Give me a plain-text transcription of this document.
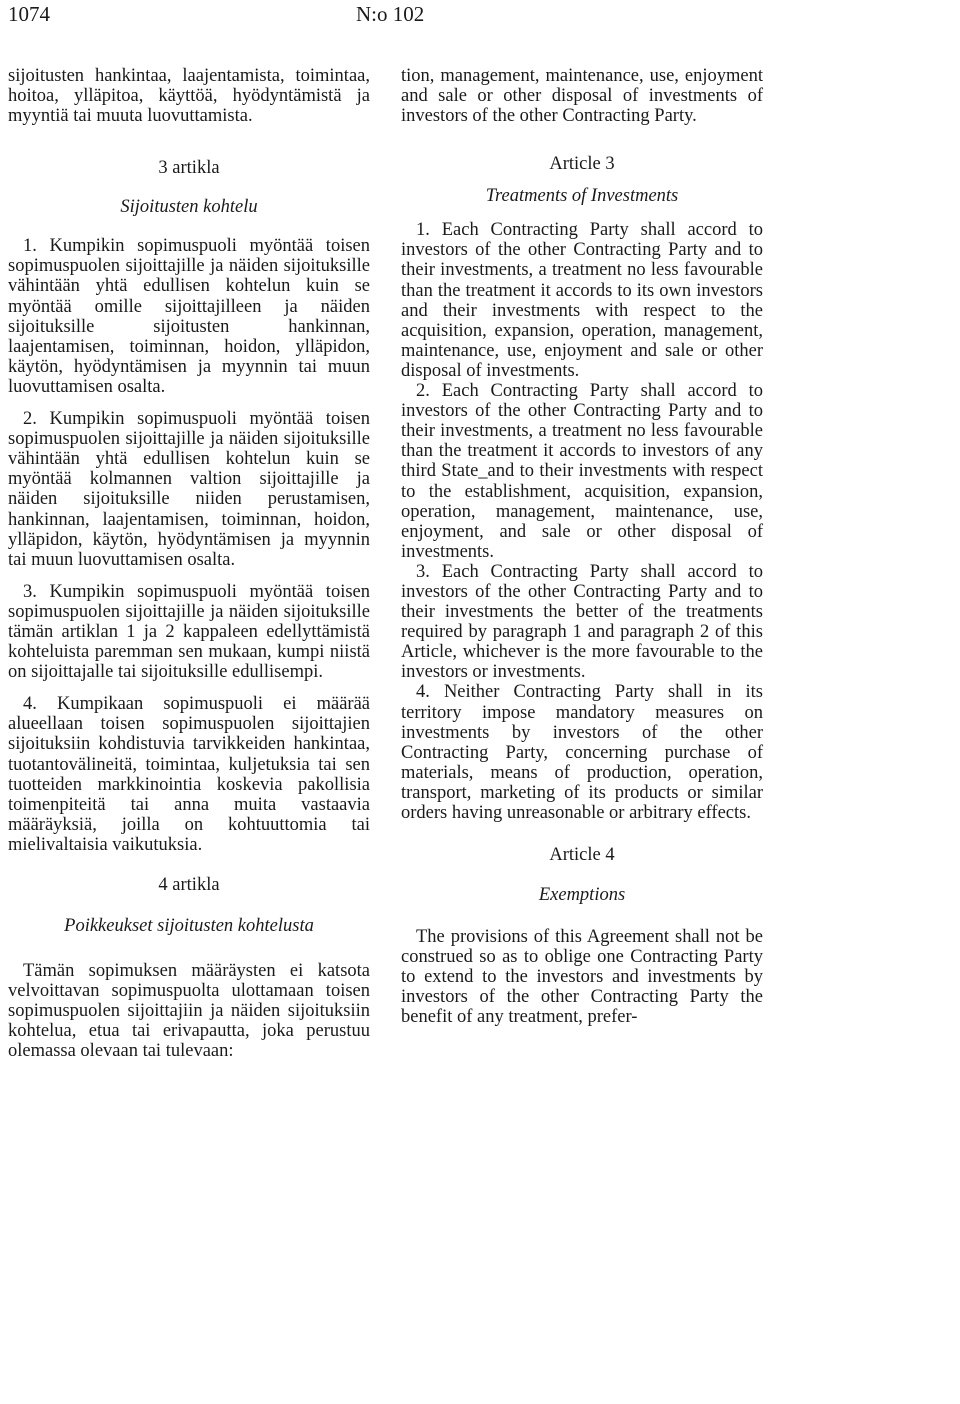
1074	N:o 102

sijoitusten hankintaa, laajentamista, toimintaa, hoitoa, ylläpitoa, käyttöä, hyödyntämistä ja myyntiä tai muuta luovuttamista.

3 artikla

Sijoitusten kohtelu

1. Kumpikin sopimuspuoli myöntää toisen sopimuspuolen sijoittajille ja näiden sijoituksille vähintään yhtä edullisen kohtelun kuin se myöntää omille sijoittajilleen ja näiden sijoituksille sijoitusten hankinnan, laajentamisen, toiminnan, hoidon, ylläpidon, käytön, hyödyntämisen ja myynnin tai muun luovuttamisen osalta.

2. Kumpikin sopimuspuoli myöntää toisen sopimuspuolen sijoittajille ja näiden sijoituksille vähintään yhtä edullisen kohtelun kuin se myöntää kolmannen valtion sijoittajille ja näiden sijoituksille niiden perustamisen, hankinnan, laajentamisen, toiminnan, hoidon, ylläpidon, käytön, hyödyntämisen ja myynnin tai muun luovuttamisen osalta.

3. Kumpikin sopimuspuoli myöntää toisen sopimuspuolen sijoittajille ja näiden sijoituksille tämän artiklan 1 ja 2 kappaleen edellyttämistä kohteluista paremman sen mukaan, kumpi niistä on sijoittajalle tai sijoituksille edullisempi.

4. Kumpikaan sopimuspuoli ei määrää alueellaan toisen sopimuspuolen sijoittajien sijoituksiin kohdistuvia tarvikkeiden hankintaa, tuotantovälineitä, toimintaa, kuljetuksia tai sen tuotteiden markkinointia koskevia pakollisia toimenpiteitä tai anna muita vastaavia määräyksiä, joilla on kohtuuttomia tai mielivaltaisia vaikutuksia.

4 artikla

Poikkeukset sijoitusten kohtelusta

Tämän sopimuksen määräysten ei katsota velvoittavan sopimuspuolta ulottamaan toisen sopimuspuolen sijoittajiin ja näiden sijoituksiin kohtelua, etua tai erivapautta, joka perustuu olemassa olevaan tai tulevaan:

tion, management, maintenance, use, enjoyment and sale or other disposal of investments of investors of the other Contracting Party.

Article 3

Treatments of Investments

1. Each Contracting Party shall accord to investors of the other Contracting Party and to their investments, a treatment no less favourable than the treatment it accords to its own investors and their investments with respect to the acquisition, expansion, operation, management, maintenance, use, enjoyment and sale or other disposal of investments.

2. Each Contracting Party shall accord to investors of the other Contracting Party and to their investments, a treatment no less favourable than the treatment it accords to investors of any third State_and to their investments with respect to the establishment, acquisition, expansion, operation, management, maintenance, use, enjoyment, and sale or other disposal of investments.

3. Each Contracting Party shall accord to investors of the other Contracting Party and to their investments the better of the treatments required by paragraph 1 and paragraph 2 of this Article, whichever is the more favourable to the investors or investments.

4. Neither Contracting Party shall in its territory impose mandatory measures on investments by investors of the other Contracting Party, concerning purchase of materials, means of production, operation, transport, marketing of its products or similar orders having unreasonable or arbitrary effects.

Article 4

Exemptions

The provisions of this Agreement shall not be construed so as to oblige one Contracting Party to extend to the investors and investments by investors of the other Contracting Party the benefit of any treatment, prefer-
